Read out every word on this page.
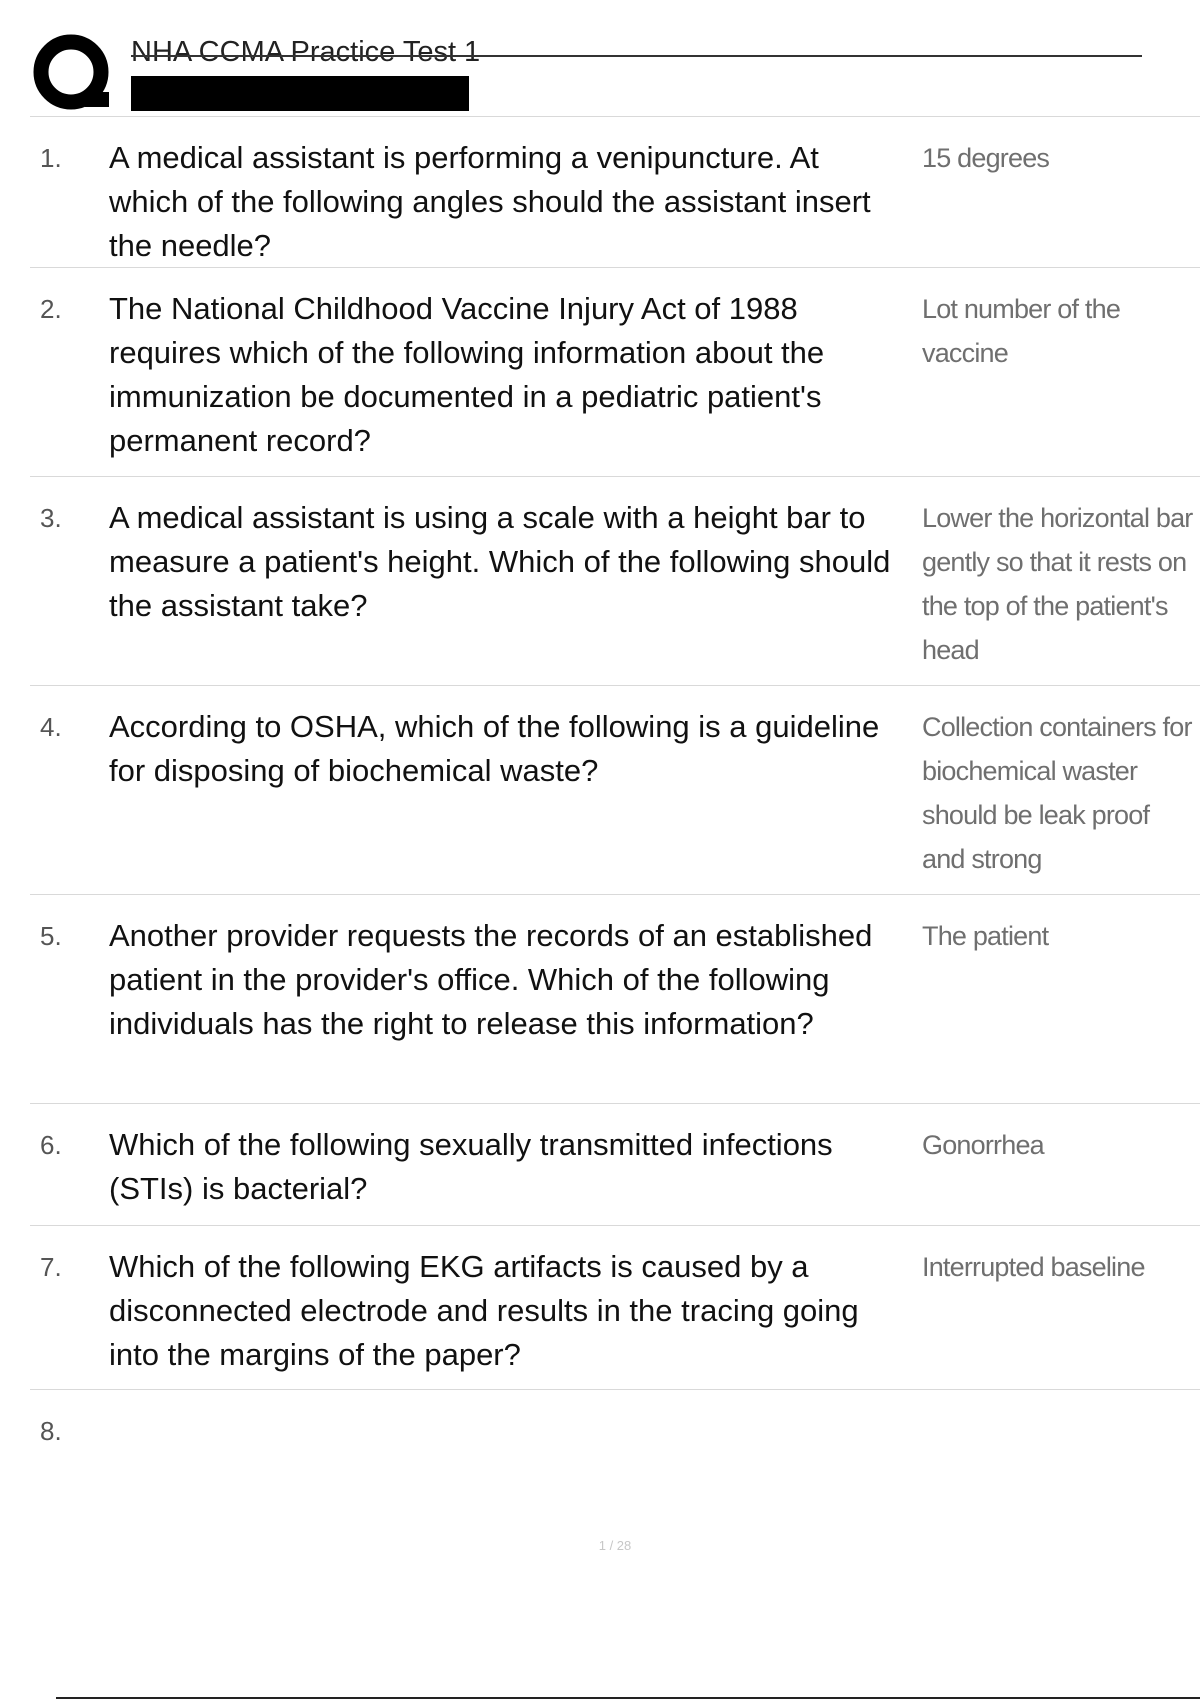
NHA CCMA Practice Test 1
1. A medical assistant is performing a venipuncture. At which of the following angles should the assistant insert the needle?
15 degrees
2. The National Childhood Vaccine Injury Act of 1988 requires which of the following information about the immunization be documented in a pediatric patient's permanent record?
Lot number of the vaccine
3. A medical assistant is using a scale with a height bar to measure a patient's height. Which of the following should the assistant take?
Lower the horizontal bar gently so that it rests on the top of the patient's head
4. According to OSHA, which of the following is a guideline for disposing of biochemical waste?
Collection containers for biochemical waster should be leak proof and strong
5. Another provider requests the records of an established patient in the provider's office. Which of the following individuals has the right to release this information?
The patient
6. Which of the following sexually transmitted infections (STIs) is bacterial?
Gonorrhea
7. Which of the following EKG artifacts is caused by a disconnected electrode and results in the tracing going into the margins of the paper?
Interrupted baseline
8.
1 / 28
